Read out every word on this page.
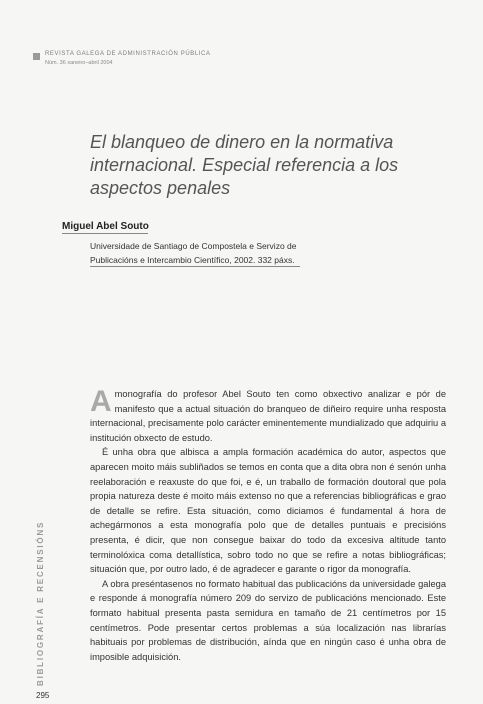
REVISTA GALEGA DE ADMINISTRACIÓN PÚBLICA
Núm. 36 xaneiro–abril 2004
El blanqueo de dinero en la normativa internacional. Especial referencia a los aspectos penales
Miguel Abel Souto
Universidade de Santiago de Compostela e Servizo de
Publicacións e Intercambio Científico, 2002. 332 páxs.

Amonografía do profesor Abel Souto ten como obxectivo analizar e pór de manifesto que a actual situación do branqueo de diñeiro require unha resposta internacional, precisamente polo carácter eminentemente mundializado que adquiriu a institución obxecto de estudo.

É unha obra que albisca a ampla formación académica do autor, aspectos que aparecen moito máis subliñados se temos en conta que a dita obra non é senón unha reelaboración e reaxuste do que foi, e é, un traballo de formación doutoral que pola propia natureza deste é moito máis extenso no que a referencias bibliográficas e grao de detalle se refire. Esta situación, como diciamos é fundamental á hora de achegármonos a esta monografía polo que de detalles puntuais e precisións presenta, é dicir, que non consegue baixar do todo da excesiva altitude tanto terminolóxica coma detallística, sobro todo no que se refire a notas bibliográficas; situación que, por outro lado, é de agradecer e garante o rigor da monografía.

A obra preséntasenos no formato habitual das publicacións da universidade galega e responde á monografía número 209 do servizo de publicacións mencionado. Este formato habitual presenta pasta semidura en tamaño de 21 centímetros por 15 centímetros. Pode presentar certos problemas a súa localización nas librarías habituais por problemas de distribución, aínda que en ningún caso é unha obra de imposible adquisición.

BIBLIOGRAFÍA E RECENSIÓNS
295
